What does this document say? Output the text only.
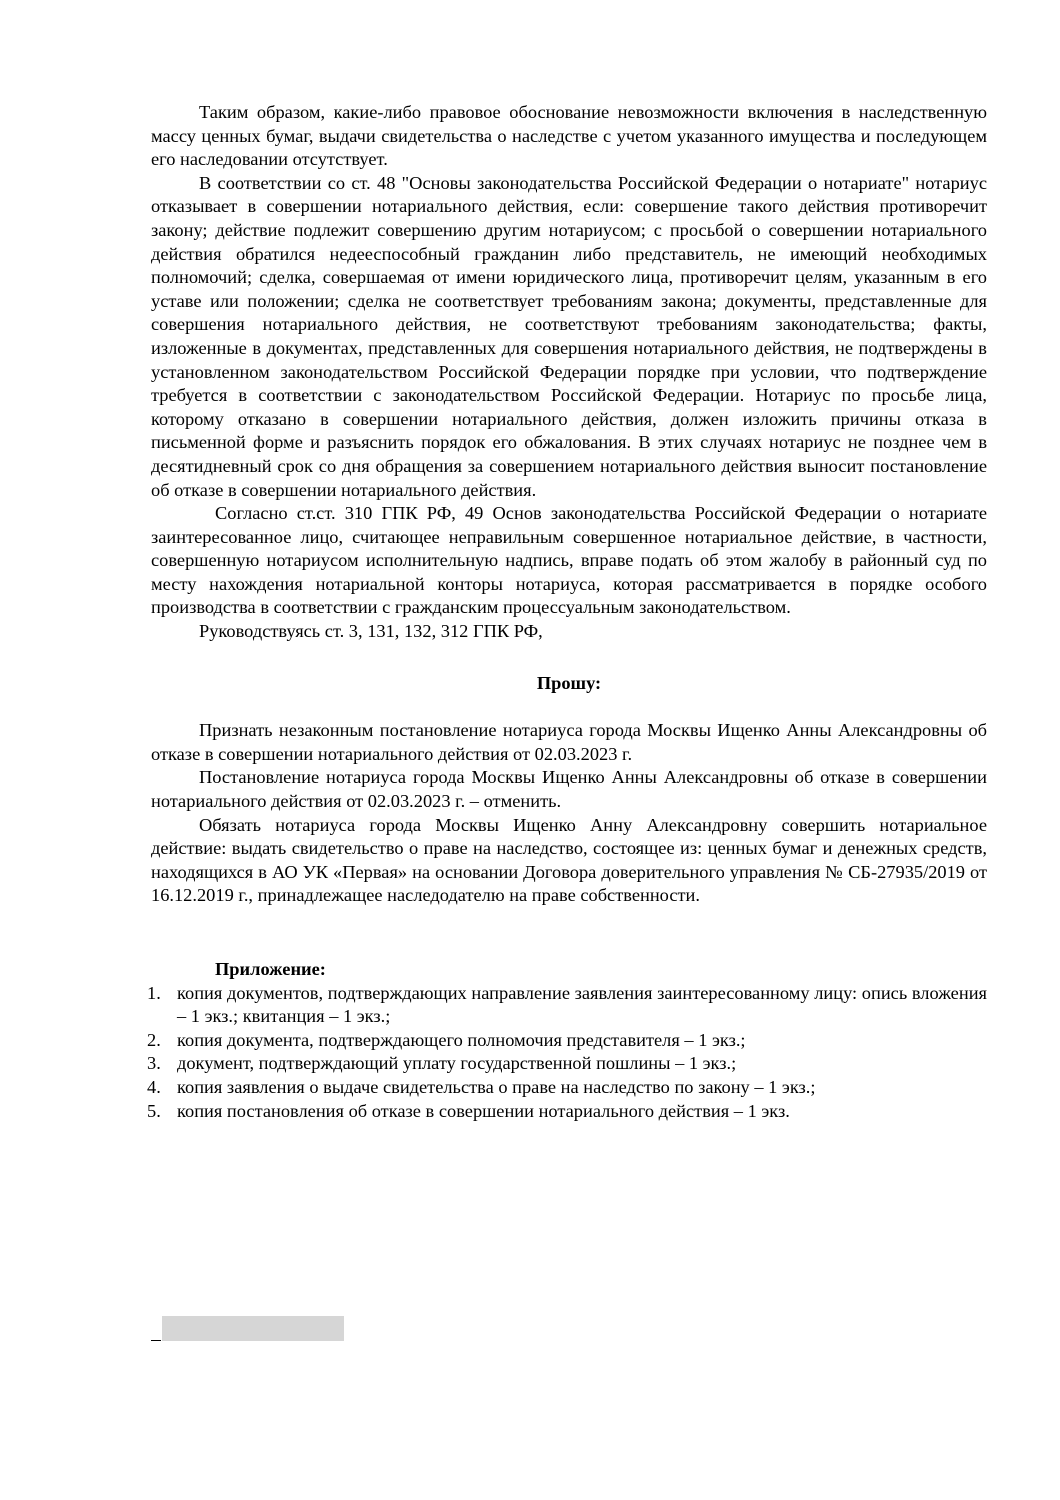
Таким образом, какие-либо правовое обоснование невозможности включения в наследственную массу ценных бумаг, выдачи свидетельства о наследстве с учетом указанного имущества и последующем его наследовании отсутствует.

В соответствии со ст. 48 "Основы законодательства Российской Федерации о нотариате" нотариус отказывает в совершении нотариального действия, если: совершение такого действия противоречит закону; действие подлежит совершению другим нотариусом; с просьбой о совершении нотариального действия обратился недееспособный гражданин либо представитель, не имеющий необходимых полномочий; сделка, совершаемая от имени юридического лица, противоречит целям, указанным в его уставе или положении; сделка не соответствует требованиям закона; документы, представленные для совершения нотариального действия, не соответствуют требованиям законодательства; факты, изложенные в документах, представленных для совершения нотариального действия, не подтверждены в установленном законодательством Российской Федерации порядке при условии, что подтверждение требуется в соответствии с законодательством Российской Федерации. Нотариус по просьбе лица, которому отказано в совершении нотариального действия, должен изложить причины отказа в письменной форме и разъяснить порядок его обжалования. В этих случаях нотариус не позднее чем в десятидневный срок со дня обращения за совершением нотариального действия выносит постановление об отказе в совершении нотариального действия.

Согласно ст.ст. 310 ГПК РФ, 49 Основ законодательства Российской Федерации о нотариате заинтересованное лицо, считающее неправильным совершенное нотариальное действие, в частности, совершенную нотариусом исполнительную надпись, вправе подать об этом жалобу в районный суд по месту нахождения нотариальной конторы нотариуса, которая рассматривается в порядке особого производства в соответствии с гражданским процессуальным законодательством.

Руководствуясь ст. 3, 131, 132, 312 ГПК РФ,

Прошу:

Признать незаконным постановление нотариуса города Москвы Ищенко Анны Александровны об отказе в совершении нотариального действия от 02.03.2023 г.

Постановление нотариуса города Москвы Ищенко Анны Александровны об отказе в совершении нотариального действия от 02.03.2023 г. – отменить.

Обязать нотариуса города Москвы Ищенко Анну Александровну совершить нотариальное действие: выдать свидетельство о праве на наследство, состоящее из: ценных бумаг и денежных средств, находящихся в АО УК «Первая» на основании Договора доверительного управления № СБ-27935/2019 от 16.12.2019 г., принадлежащее наследодателю на праве собственности.

Приложение:

1. копия документов, подтверждающих направление заявления заинтересованному лицу: опись вложения – 1 экз.; квитанция – 1 экз.;
2. копия документа, подтверждающего полномочия представителя – 1 экз.;
3. документ, подтверждающий уплату государственной пошлины – 1 экз.;
4. копия заявления о выдаче свидетельства о праве на наследство по закону – 1 экз.;
5. копия постановления об отказе в совершении нотариального действия – 1 экз.
